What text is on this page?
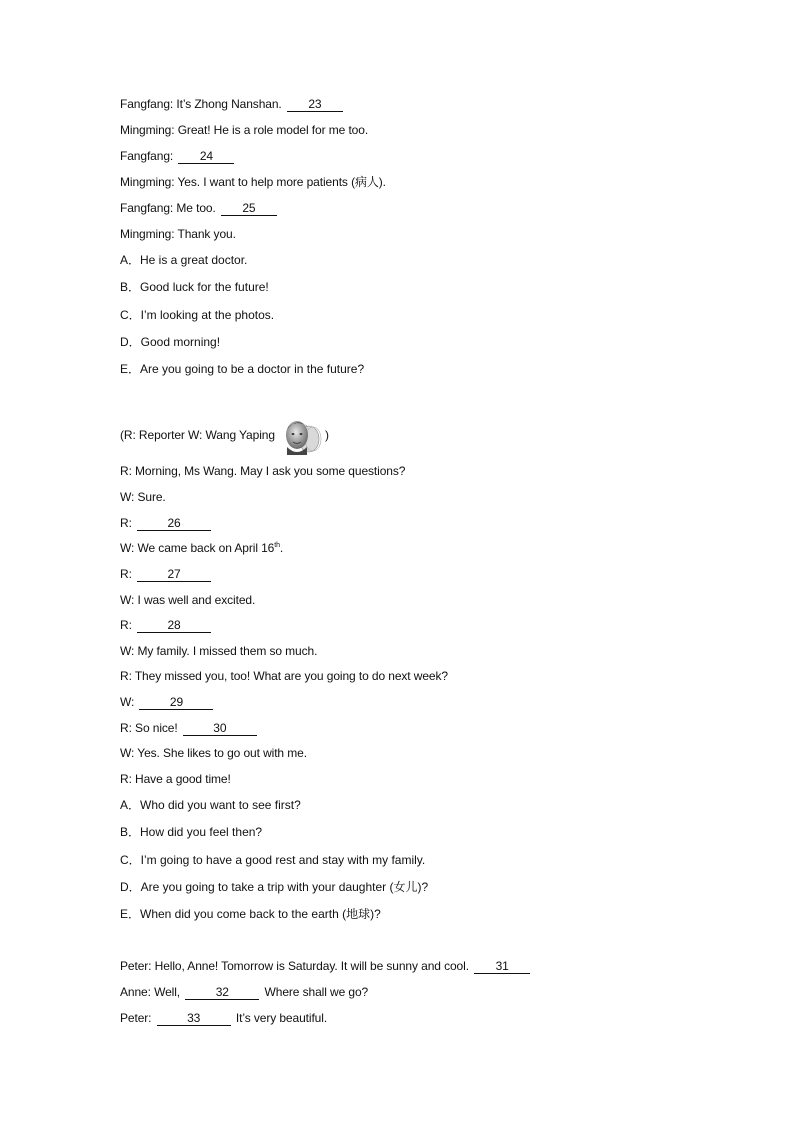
Fangfang: It’s Zhong Nanshan. 23
Mingming: Great! He is a role model for me too.
Fangfang: 24
Mingming: Yes. I want to help more patients (病人).
Fangfang: Me too. 25
Mingming: Thank you.
A．He is a great doctor.
B．Good luck for the future!
C．I’m looking at the photos.
D．Good morning!
E．Are you going to be a doctor in the future?
(R: Reporter W: Wang Yaping	)
R: Morning, Ms Wang. May I ask you some questions?
W: Sure.
R:	26
W: We came back on April 16th.
R:	27
W: I was well and excited.
R:	28
W: My family. I missed them so much.
R: They missed you, too! What are you going to do next week?
W:	29
R: So nice!	30
W: Yes. She likes to go out with me.
R: Have a good time!
A．Who did you want to see first?
B．How did you feel then?
C．I’m going to have a good rest and stay with my family.
D．Are you going to take a trip with your daughter (女儿)?
E．When did you come back to the earth (地球)?
Peter: Hello, Anne! Tomorrow is Saturday. It will be sunny and cool. 31
Anne: Well,	32	Where shall we go?
Peter:	33	It’s very beautiful.
